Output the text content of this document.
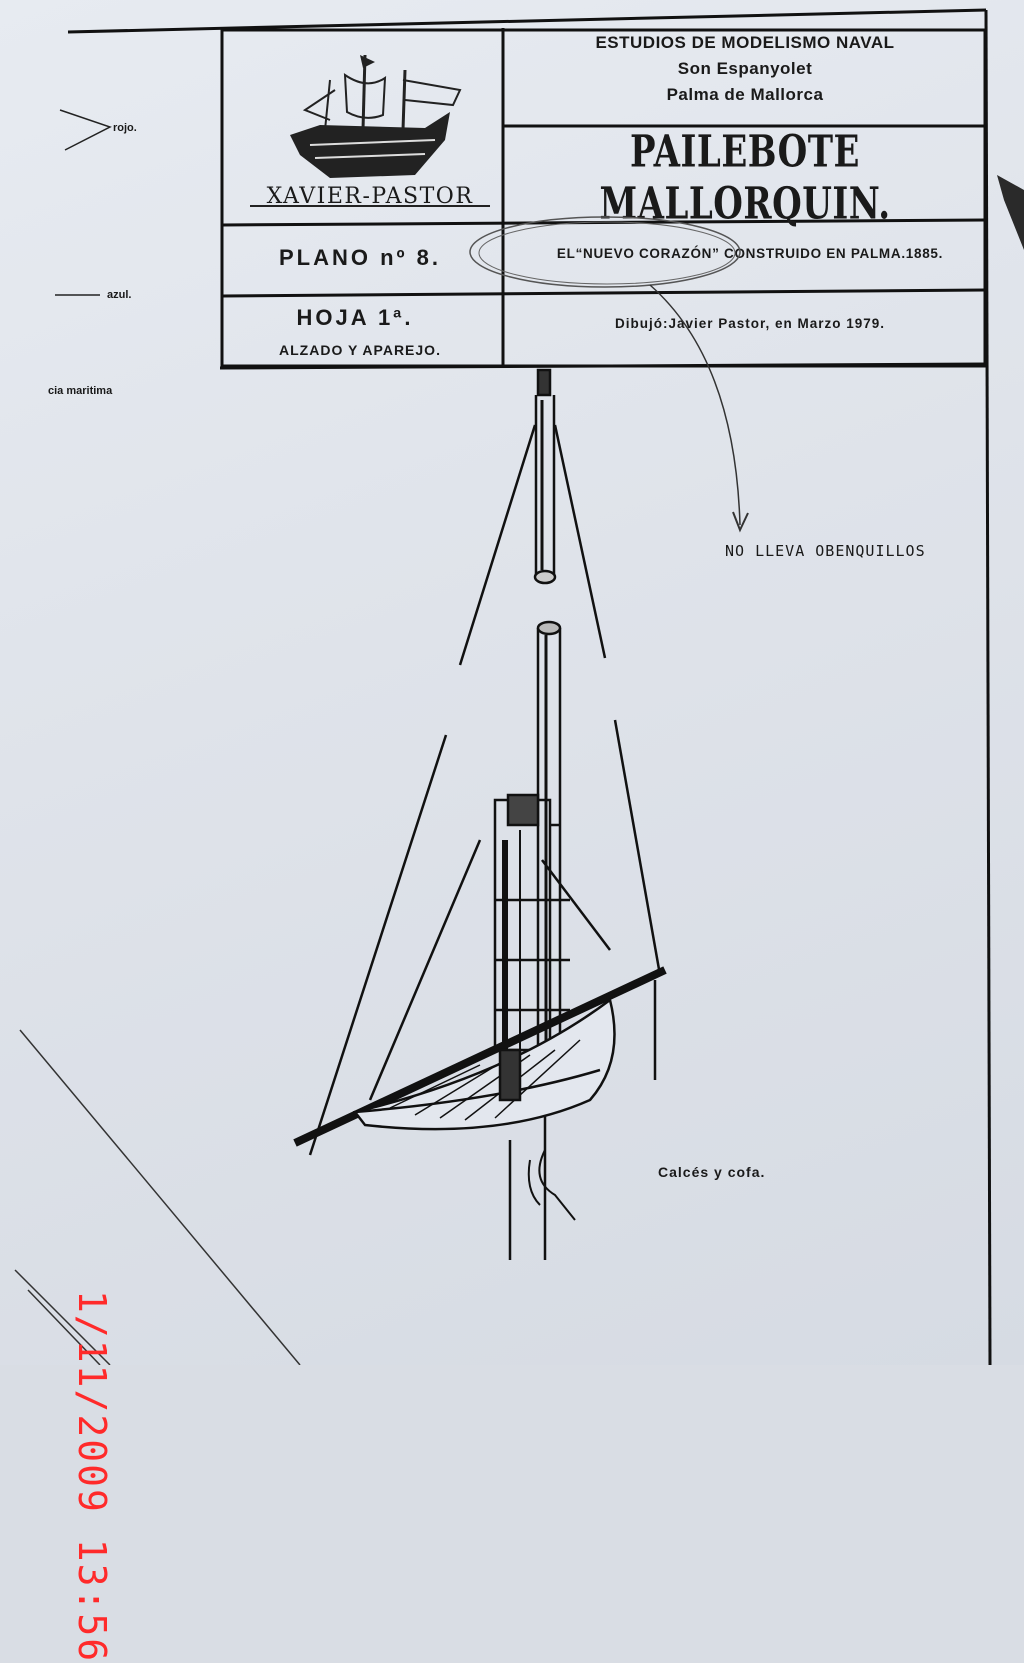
ESTUDIOS DE MODELISMO NAVAL
Son Espanyolet
Palma de Mallorca
XAVIER-PASTOR
PAILEBOTE MALLORQUIN.
PLANO nº 8.	EL“NUEVO CORAZÓN” CONSTRUIDO EN PALMA.1885.
HOJA 1ª.
ALZADO Y APAREJO.
Dibujó:Javier Pastor, en Marzo 1979.
rojo.
azul.
cia maritima
NO LLEVA OBENQUILLOS
Calcés y cofa.
1/11/2009 13:56
